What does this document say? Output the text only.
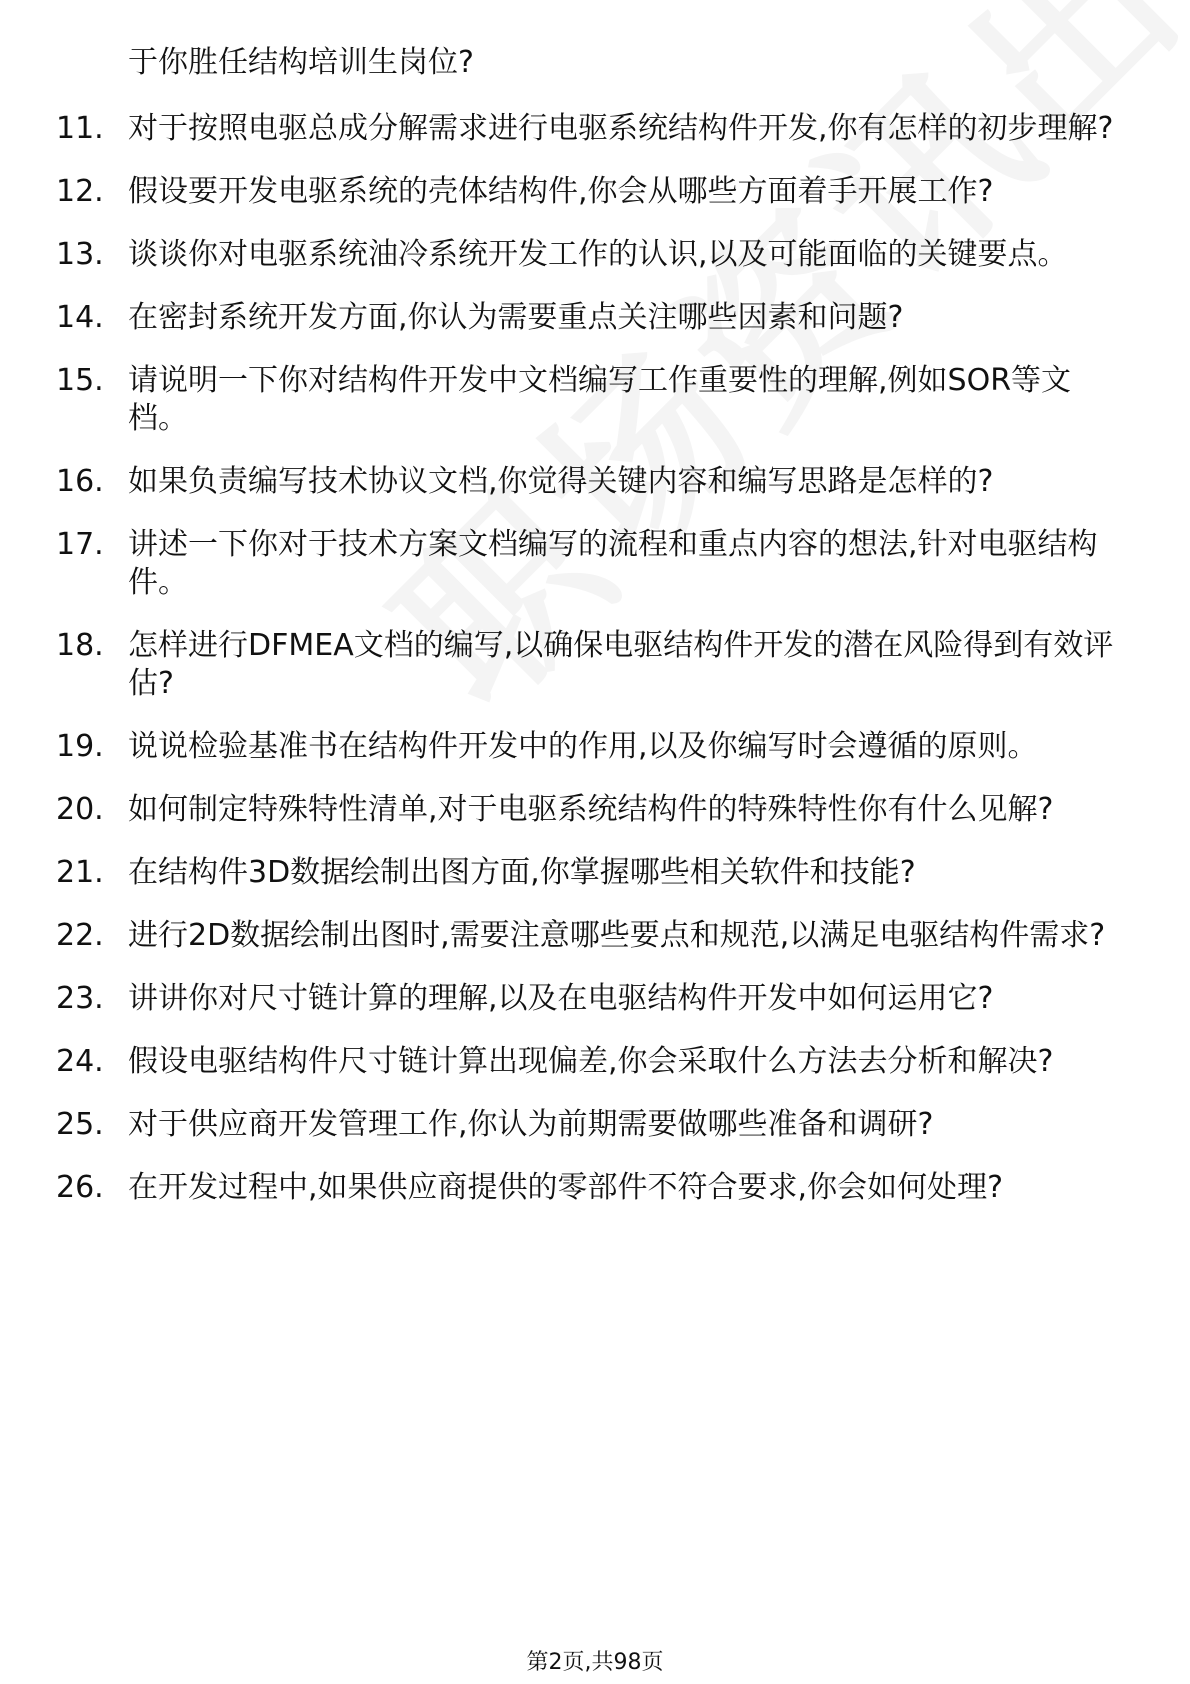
于你胜任结构培训生岗位?
11. 对于按照电驱总成分解需求进行电驱系统结构件开发,你有怎样的初步理解?
12. 假设要开发电驱系统的壳体结构件,你会从哪些方面着手开展工作?
13. 谈谈你对电驱系统油冷系统开发工作的认识,以及可能面临的关键要点。
14. 在密封系统开发方面,你认为需要重点关注哪些因素和问题?
15. 请说明一下你对结构件开发中文档编写工作重要性的理解,例如SOR等文档。
16. 如果负责编写技术协议文档,你觉得关键内容和编写思路是怎样的?
17. 讲述一下你对于技术方案文档编写的流程和重点内容的想法,针对电驱结构件。
18. 怎样进行DFMEA文档的编写,以确保电驱结构件开发的潜在风险得到有效评估?
19. 说说检验基准书在结构件开发中的作用,以及你编写时会遵循的原则。
20. 如何制定特殊特性清单,对于电驱系统结构件的特殊特性你有什么见解?
21. 在结构件3D数据绘制出图方面,你掌握哪些相关软件和技能?
22. 进行2D数据绘制出图时,需要注意哪些要点和规范,以满足电驱结构件需求?
23. 讲讲你对尺寸链计算的理解,以及在电驱结构件开发中如何运用它?
24. 假设电驱结构件尺寸链计算出现偏差,你会采取什么方法去分析和解决?
25. 对于供应商开发管理工作,你认为前期需要做哪些准备和调研?
26. 在开发过程中,如果供应商提供的零部件不符合要求,你会如何处理?
第2页,共98页
